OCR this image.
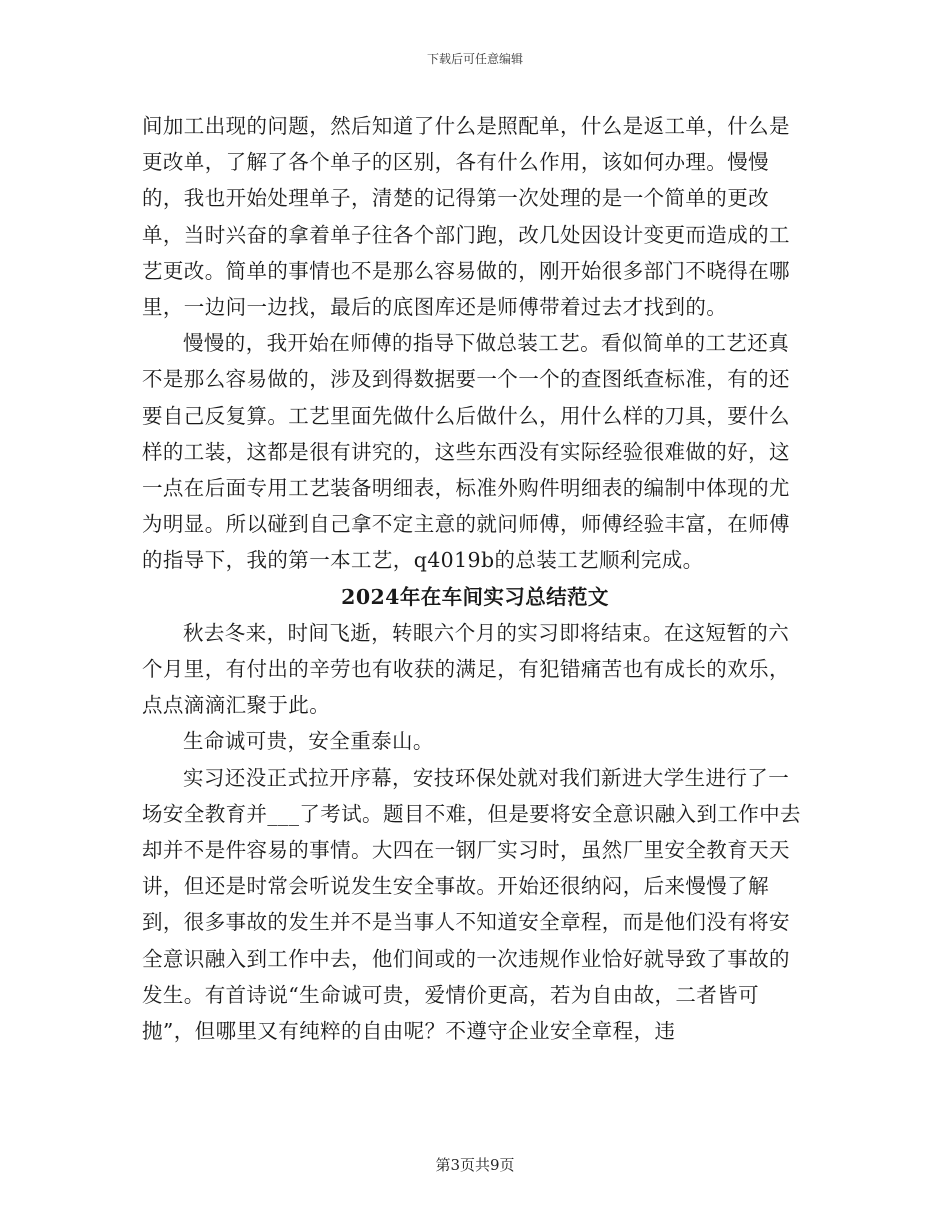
下载后可任意编辑

间加工出现的问题，然后知道了什么是照配单，什么是返工单，什么是更改单，了解了各个单子的区别，各有什么作用，该如何办理。慢慢的，我也开始处理单子，清楚的记得第一次处理的是一个简单的更改单，当时兴奋的拿着单子往各个部门跑，改几处因设计变更而造成的工艺更改。简单的事情也不是那么容易做的，刚开始很多部门不晓得在哪里，一边问一边找，最后的底图库还是师傅带着过去才找到的。

慢慢的，我开始在师傅的指导下做总装工艺。看似简单的工艺还真不是那么容易做的，涉及到得数据要一个一个的查图纸查标准，有的还要自己反复算。工艺里面先做什么后做什么，用什么样的刀具，要什么样的工装，这都是很有讲究的，这些东西没有实际经验很难做的好，这一点在后面专用工艺装备明细表，标准外购件明细表的编制中体现的尤为明显。所以碰到自己拿不定主意的就问师傅，师傅经验丰富，在师傅的指导下，我的第一本工艺，q4019b的总装工艺顺利完成。

2024年在车间实习总结范文

秋去冬来，时间飞逝，转眼六个月的实习即将结束。在这短暂的六个月里，有付出的辛劳也有收获的满足，有犯错痛苦也有成长的欢乐，点点滴滴汇聚于此。

生命诚可贵，安全重泰山。

实习还没正式拉开序幕，安技环保处就对我们新进大学生进行了一场安全教育并___了考试。题目不难，但是要将安全意识融入到工作中去却并不是件容易的事情。大四在一钢厂实习时，虽然厂里安全教育天天讲，但还是时常会听说发生安全事故。开始还很纳闷，后来慢慢了解到，很多事故的发生并不是当事人不知道安全章程，而是他们没有将安全意识融入到工作中去，他们间或的一次违规作业恰好就导致了事故的发生。有首诗说“生命诚可贵，爱情价更高，若为自由故，二者皆可抛”，但哪里又有纯粹的自由呢？不遵守企业安全章程，违

第3页共9页
